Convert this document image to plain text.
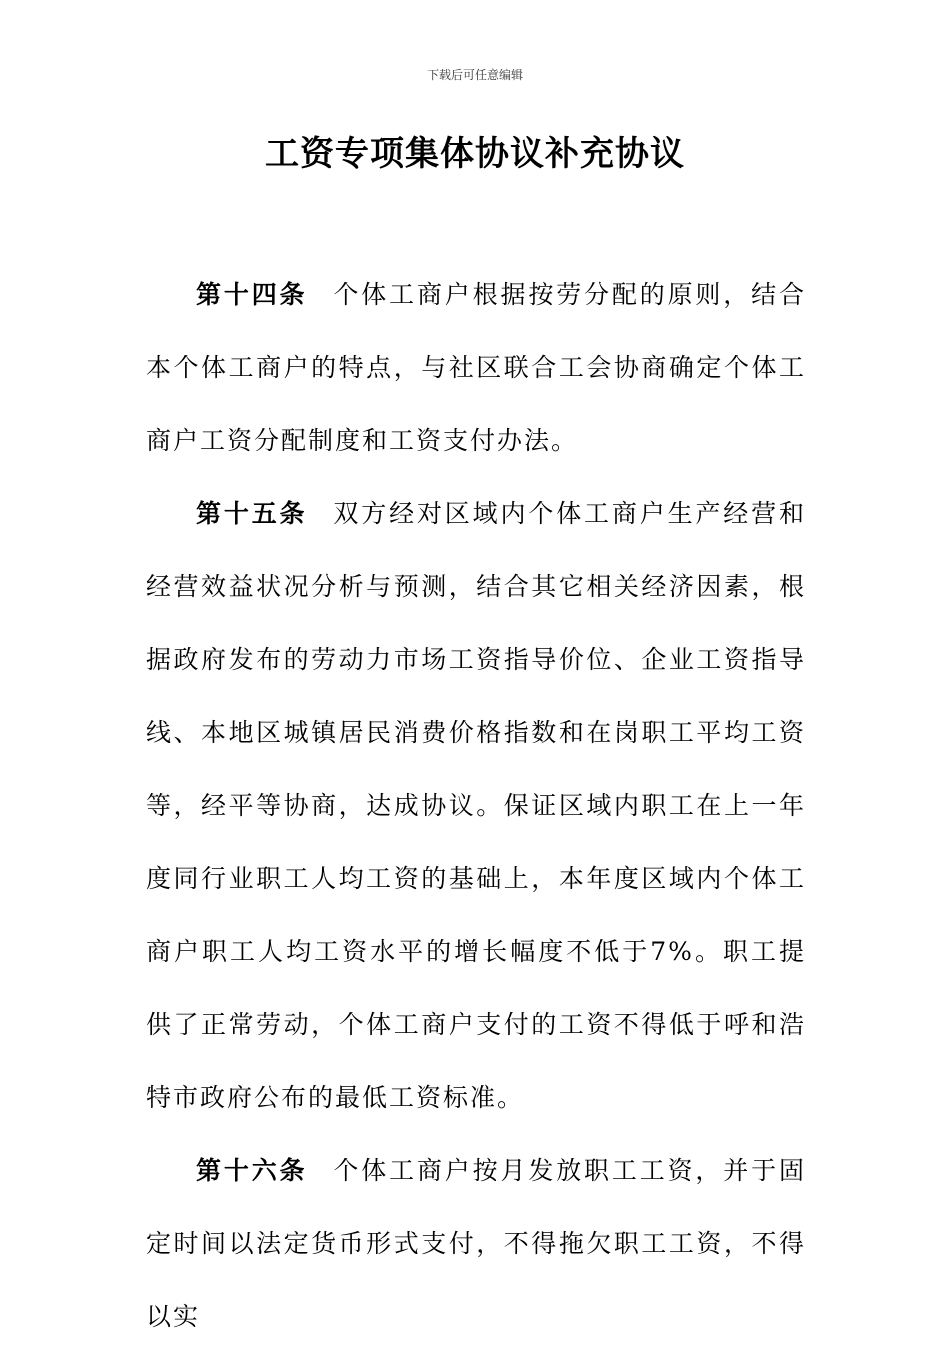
下载后可任意编辑
工资专项集体协议补充协议

第十四条 个体工商户根据按劳分配的原则，结合本个体工商户的特点，与社区联合工会协商确定个体工商户工资分配制度和工资支付办法。

第十五条 双方经对区域内个体工商户生产经营和经营效益状况分析与预测，结合其它相关经济因素，根据政府发布的劳动力市场工资指导价位、企业工资指导线、本地区城镇居民消费价格指数和在岗职工平均工资等，经平等协商，达成协议。保证区域内职工在上一年度同行业职工人均工资的基础上，本年度区域内个体工商户职工人均工资水平的增长幅度不低于7%。职工提供了正常劳动，个体工商户支付的工资不得低于呼和浩特市政府公布的最低工资标准。

第十六条 个体工商户按月发放职工工资，并于固定时间以法定货币形式支付，不得拖欠职工工资，不得以实
